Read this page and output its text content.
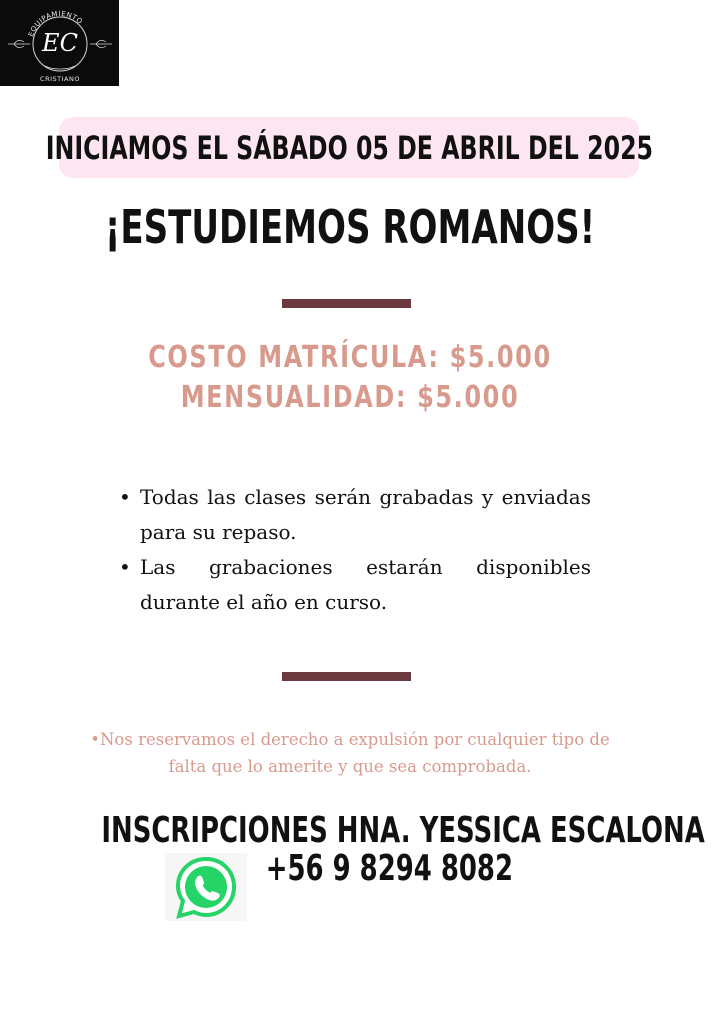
EQUIPAMIENTO
EC
CRISTIANO
INICIAMOS EL SÁBADO 05 DE ABRIL DEL 2025
¡ESTUDIEMOS ROMANOS!
COSTO MATRÍCULA: $5.000
MENSUALIDAD: $5.000
• Todas las clases serán grabadas y enviadas para su repaso.
• Las grabaciones estarán disponibles durante el año en curso.
•Nos reservamos el derecho a expulsión por cualquier tipo de falta que lo amerite y que sea comprobada.
INSCRIPCIONES HNA. YESSICA ESCALONA
+56 9 8294 8082
